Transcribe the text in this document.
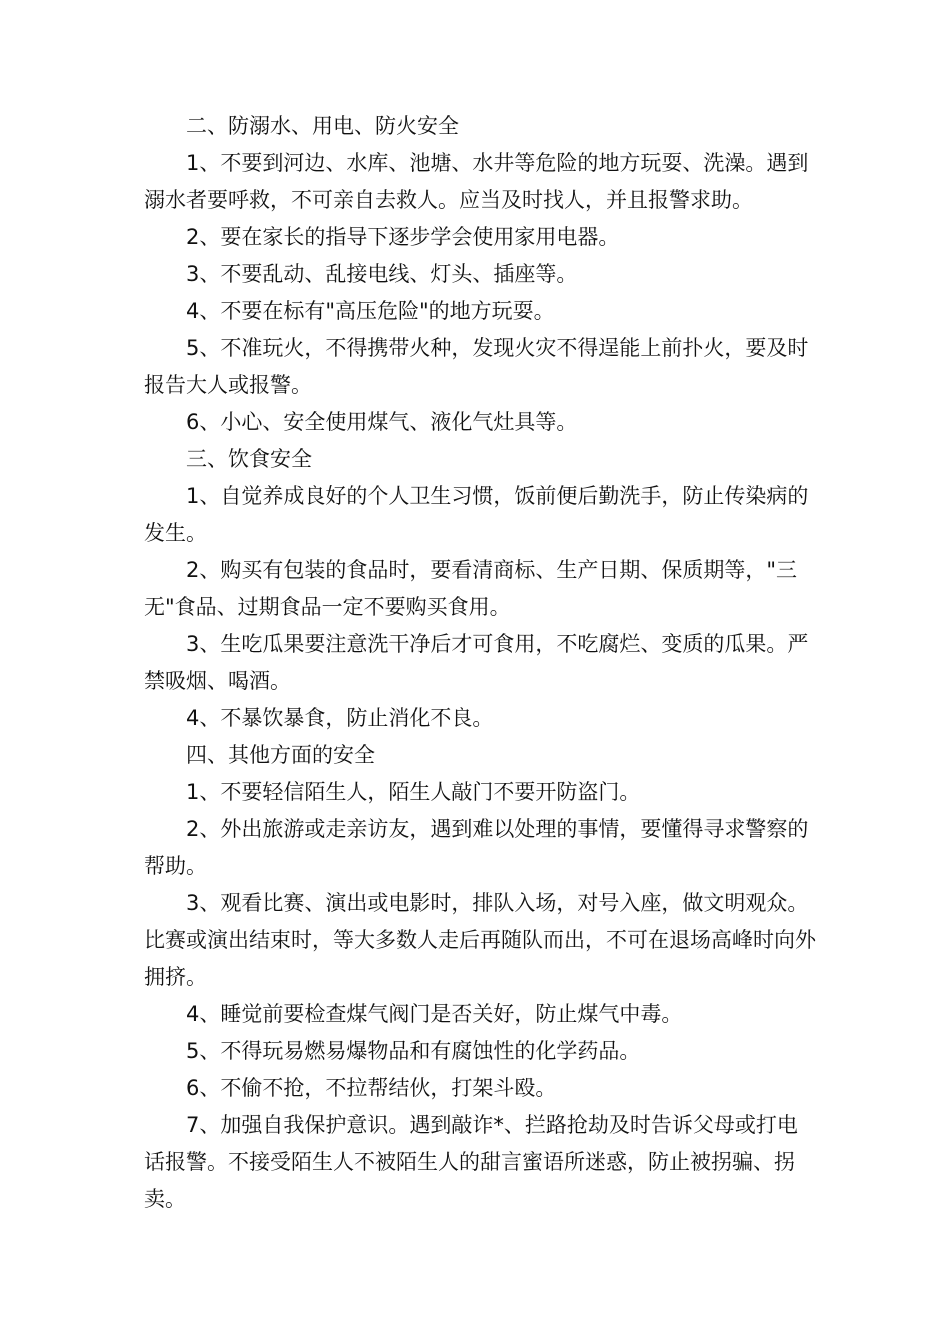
二、防溺水、用电、防火安全

1、不要到河边、水库、池塘、水井等危险的地方玩耍、洗澡。遇到溺水者要呼救，不可亲自去救人。应当及时找人，并且报警求助。

2、要在家长的指导下逐步学会使用家用电器。

3、不要乱动、乱接电线、灯头、插座等。

4、不要在标有"高压危险"的地方玩耍。

5、不准玩火，不得携带火种，发现火灾不得逞能上前扑火，要及时报告大人或报警。

6、小心、安全使用煤气、液化气灶具等。

三、饮食安全

1、自觉养成良好的个人卫生习惯，饭前便后勤洗手，防止传染病的发生。

2、购买有包装的食品时，要看清商标、生产日期、保质期等，"三无"食品、过期食品一定不要购买食用。

3、生吃瓜果要注意洗干净后才可食用，不吃腐烂、变质的瓜果。严禁吸烟、喝酒。

4、不暴饮暴食，防止消化不良。

四、其他方面的安全

1、不要轻信陌生人，陌生人敲门不要开防盗门。

2、外出旅游或走亲访友，遇到难以处理的事情，要懂得寻求警察的帮助。

3、观看比赛、演出或电影时，排队入场，对号入座，做文明观众。比赛或演出结束时，等大多数人走后再随队而出，不可在退场高峰时向外拥挤。

4、睡觉前要检查煤气阀门是否关好，防止煤气中毒。

5、不得玩易燃易爆物品和有腐蚀性的化学药品。

6、不偷不抢，不拉帮结伙，打架斗殴。

7、加强自我保护意识。遇到敲诈*、拦路抢劫及时告诉父母或打电话报警。不接受陌生人不被陌生人的甜言蜜语所迷惑，防止被拐骗、拐卖。
